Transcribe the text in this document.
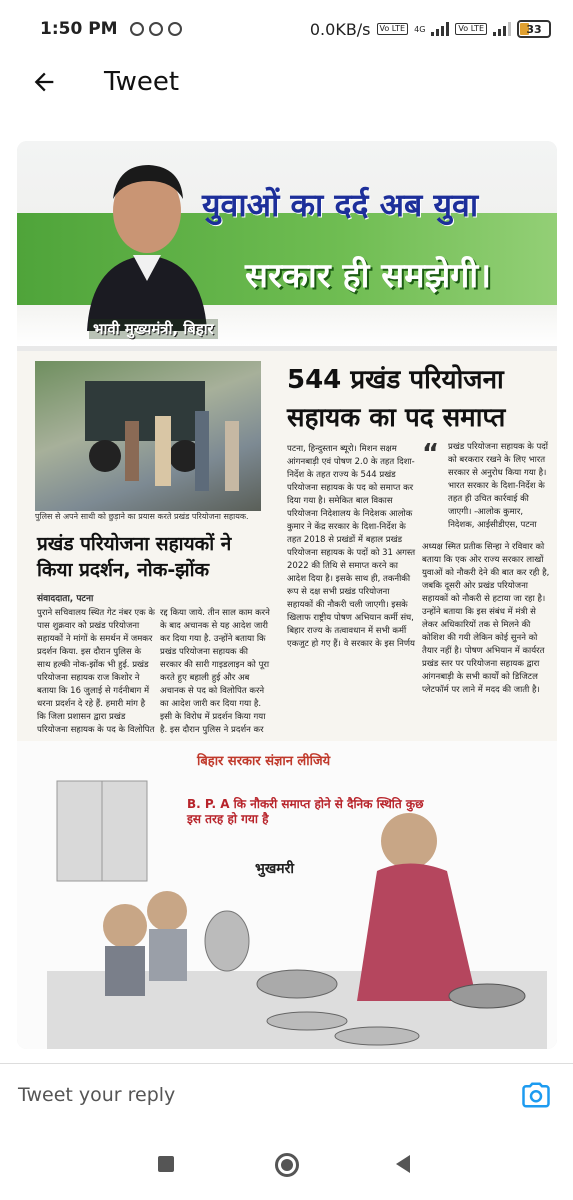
1:50 PM	0.0KB/s	Vo LTE	4G	Vo LTE	33
Tweet
युवाओं का दर्द अब युवा
सरकार ही समझेगी।
भावी मुख्यमंत्री, बिहार
पुलिस से अपने साथी को छुड़ाने का प्रयास करते प्रखंड परियोजना सहायक.
प्रखंड परियोजना सहायकों ने किया प्रदर्शन, नोक-झोंक
संवाददाता, पटना
पुराने सचिवालय स्थित गेट नंबर एक के पास शुक्रवार को प्रखंड परियोजना सहायकों ने मांगों के समर्थन में जमकर प्रदर्शन किया. इस दौरान पुलिस के साथ हल्की नोक-झोंक भी हुई. प्रखंड परियोजना सहायक राज किशोर ने बताया कि 16 जुलाई से गर्दनीबाग में धरना प्रदर्शन दे रहे हैं. हमारी मांग है कि जिला प्रशासन द्वारा प्रखंड परियोजना सहायक के पद के विलोपित
रद्द किया जाये. तीन साल काम करने के बाद अचानक से यह आदेश जारी कर दिया गया है. उन्होंने बताया कि प्रखंड परियोजना सहायक की सरकार की सारी गाइडलाइन को पूरा करते हुए बहाली हुई और अब अचानक से पद को विलोपित करने का आदेश जारी कर दिया गया है. इसी के विरोध में प्रदर्शन किया गया है. इस दौरान पुलिस ने प्रदर्शन कर
544 प्रखंड परियोजना सहायक का पद समाप्त
पटना, हिन्दुस्तान ब्यूरो। मिशन सक्षम आंगनबाड़ी एवं पोषण 2.0 के तहत दिशा-निर्देश के तहत राज्य के 544 प्रखंड परियोजना सहायक के पद को समाप्त कर दिया गया है। समेकित बाल विकास परियोजना निदेशालय के निदेशक आलोक कुमार ने केंद्र सरकार के दिशा-निर्देश के तहत 2018 से प्रखंडों में बहाल प्रखंड परियोजना सहायक के पदों को 31 अगस्त 2022 की तिथि से समाप्त करने का आदेश दिया है। इसके साथ ही, तकनीकी रूप से दक्ष सभी प्रखंड परियोजना सहायकों की नौकरी चली जाएगी। इसके खिलाफ राष्ट्रीय पोषण अभियान कर्मी संघ, बिहार राज्य के तत्वावधान में सभी कर्मी एकजुट हो गए हैं। वे सरकार के इस निर्णय
“	प्रखंड परियोजना सहायक के पदों को बरकरार रखने के लिए भारत सरकार से अनुरोध किया गया है। भारत सरकार के दिशा-निर्देश के तहत ही उचित कार्रवाई की जाएगी। -आलोक कुमार, निदेशक, आईसीडीएस, पटना
अध्यक्ष स्मित प्रतीक सिन्हा ने रविवार को बताया कि एक ओर राज्य सरकार लाखों युवाओं को नौकरी देने की बात कर रही है, जबकि दूसरी ओर प्रखंड परियोजना सहायकों को नौकरी से हटाया जा रहा है। उन्होंने बताया कि इस संबंध में मंत्री से लेकर अधिकारियों तक से मिलने की कोशिश की गयी लेकिन कोई सुनने को तैयार नहीं है। पोषण अभियान में कार्यरत प्रखंड स्तर पर परियोजना सहायक द्वारा आंगनबाड़ी के सभी कार्यों को डिजिटल प्लेटफॉर्म पर लाने में मदद की जाती है।
बिहार सरकार संज्ञान लीजिये
B. P. A कि नौकरी समाप्त होने से दैनिक स्थिति कुछ इस तरह हो गया है
भुखमरी
Tweet your reply
